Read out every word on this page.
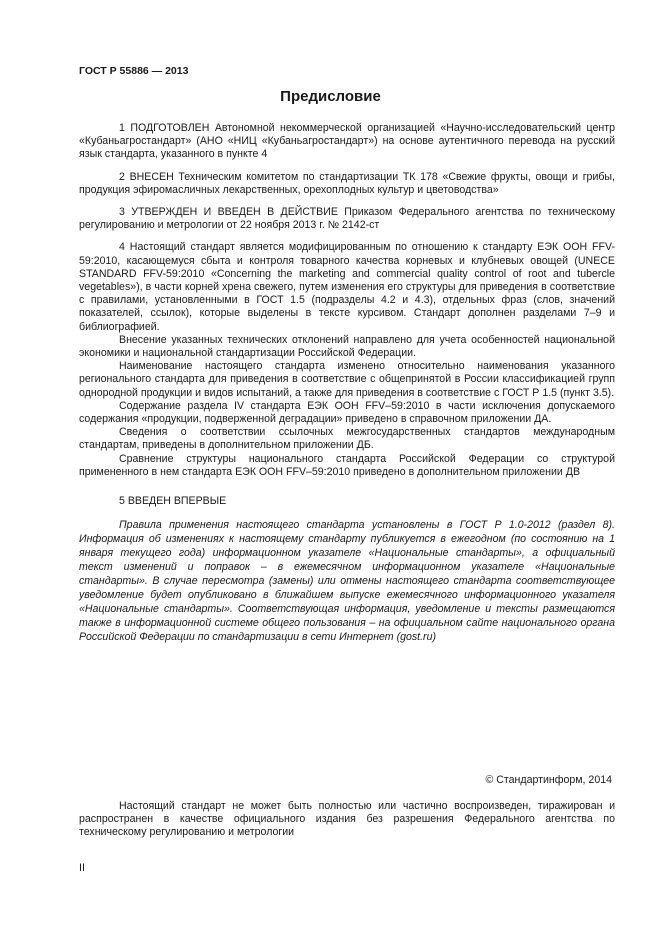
ГОСТ Р 55886 — 2013
Предисловие

1 ПОДГОТОВЛЕН Автономной некоммерческой организацией «Научно-исследовательский центр «Кубаньагростандарт» (АНО «НИЦ «Кубаньагростандарт») на основе аутентичного перевода на русский язык стандарта, указанного в пункте 4

2 ВНЕСЕН Техническим комитетом по стандартизации ТК 178 «Свежие фрукты, овощи и грибы, продукция эфиромасличных лекарственных, орехоплодных культур и цветоводства»

3 УТВЕРЖДЕН И ВВЕДЕН В ДЕЙСТВИЕ Приказом Федерального агентства по техническому регулированию и метрологии от 22 ноября 2013 г. № 2142-ст

4 Настоящий стандарт является модифицированным по отношению к стандарту ЕЭК ООН FFV-59:2010, касающемуся сбыта и контроля товарного качества корневых и клубневых овощей (UNECE STANDARD FFV-59:2010 «Concerning the marketing and commercial quality control of root and tubercle vegetables»), в части корней хрена свежего, путем изменения его структуры для приведения в соответствие с правилами, установленными в ГОСТ 1.5 (подразделы 4.2 и 4.3), отдельных фраз (слов, значений показателей, ссылок), которые выделены в тексте курсивом. Стандарт дополнен разделами 7–9 и библиографией.

Внесение указанных технических отклонений направлено для учета особенностей национальной экономики и национальной стандартизации Российской Федерации.

Наименование настоящего стандарта изменено относительно наименования указанного регионального стандарта для приведения в соответствие с общепринятой в России классификацией групп однородной продукции и видов испытаний, а также для приведения в соответствие с ГОСТ Р 1.5 (пункт 3.5).

Содержание раздела IV стандарта ЕЭК ООН FFV–59:2010 в части исключения допускаемого содержания «продукции, подверженной деградации» приведено в справочном приложении ДА.

Сведения о соответствии ссылочных межгосударственных стандартов международным стандартам, приведены в дополнительном приложении ДБ.

Сравнение структуры национального стандарта Российской Федерации со структурой примененного в нем стандарта ЕЭК ООН FFV–59:2010 приведено в дополнительном приложении ДВ

5 ВВЕДЕН ВПЕРВЫЕ

Правила применения настоящего стандарта установлены в ГОСТ Р 1.0-2012 (раздел 8). Информация об изменениях к настоящему стандарту публикуется в ежегодном (по состоянию на 1 января текущего года) информационном указателе «Национальные стандарты», а официальный текст изменений и поправок – в ежемесячном информационном указателе «Национальные стандарты». В случае пересмотра (замены) или отмены настоящего стандарта соответствующее уведомление будет опубликовано в ближайшем выпуске ежемесячного информационного указателя «Национальные стандарты». Соответствующая информация, уведомление и тексты размещаются также в информационной системе общего пользования – на официальном сайте национального органа Российской Федерации по стандартизации в сети Интернет (gost.ru)
© Стандартинформ, 2014
Настоящий стандарт не может быть полностью или частично воспроизведен, тиражирован и распространен в качестве официального издания без разрешения Федерального агентства по техническому регулированию и метрологии
II
